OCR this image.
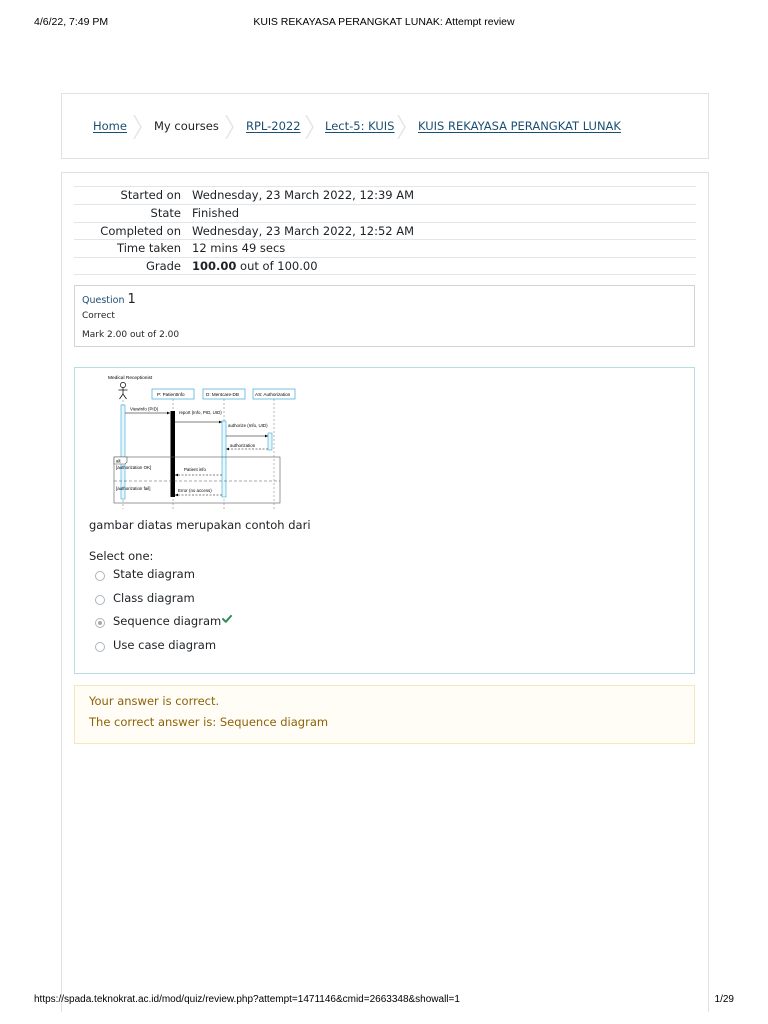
4/6/22, 7:49 PM	KUIS REKAYASA PERANGKAT LUNAK: Attempt review
Home My courses RPL-2022 Lect-5: KUIS KUIS REKAYASA PERANGKAT LUNAK
Started on Wednesday, 23 March 2022, 12:39 AM
State Finished
Completed on Wednesday, 23 March 2022, 12:52 AM
Time taken 12 mins 49 secs
Grade 100.00 out of 100.00
Question 1
Correct
Mark 2.00 out of 2.00
Medical Receptionist
P: PatientInfo	D: Mentcare-DB	AS: Authorization
ViewInfo (PID)
report (Info, PID, UID)
authorize (Info, UID)
authorization
Patient info
Error (no access)
alt
[authorization OK]
[authorization fail]
gambar diatas merupakan contoh dari
Select one:
State diagram
Class diagram
Sequence diagram
Use case diagram
Your answer is correct.
The correct answer is: Sequence diagram
https://spada.teknokrat.ac.id/mod/quiz/review.php?attempt=1471146&cmid=2663348&showall=1	1/29
